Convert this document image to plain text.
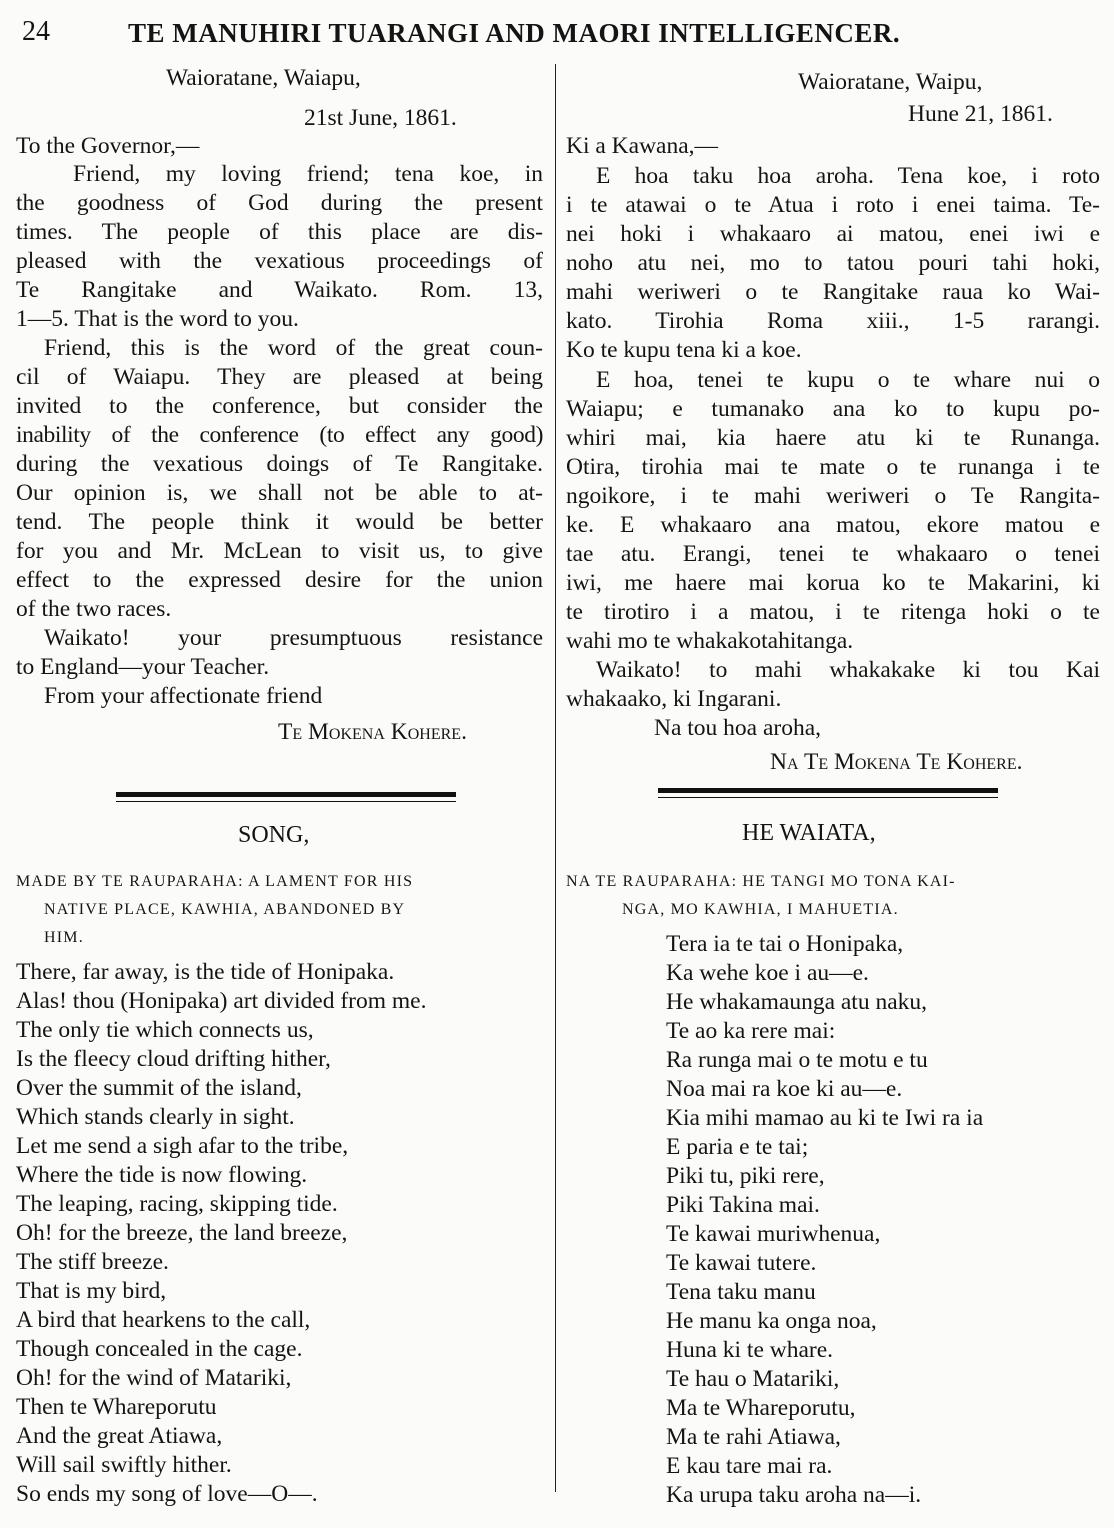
24	TE MANUHIRI TUARANGI AND MAORI INTELLIGENCER.
Waioratane, Waiapu,
21st June, 1861.
To the Governor,—
Friend, my loving friend; tena koe, in
the goodness of God during the present
times. The people of this place are dis-
pleased with the vexatious proceedings of
Te Rangitake and Waikato. Rom. 13,
1—5. That is the word to you.
Friend, this is the word of the great coun-
cil of Waiapu. They are pleased at being
invited to the conference, but consider the
inability of the conference (to effect any good)
during the vexatious doings of Te Rangitake.
Our opinion is, we shall not be able to at-
tend. The people think it would be better
for you and Mr. McLean to visit us, to give
effect to the expressed desire for the union
of the two races.
Waikato! your presumptuous resistance
to England—your Teacher.
From your affectionate friend
Te Mokena Kohere.
SONG,
MADE BY TE RAUPARAHA: A LAMENT FOR HIS
NATIVE PLACE, KAWHIA, ABANDONED BY
HIM.
There, far away, is the tide of Honipaka.
Alas! thou (Honipaka) art divided from me.
The only tie which connects us,
Is the fleecy cloud drifting hither,
Over the summit of the island,
Which stands clearly in sight.
Let me send a sigh afar to the tribe,
Where the tide is now flowing.
The leaping, racing, skipping tide.
Oh! for the breeze, the land breeze,
The stiff breeze.
That is my bird,
A bird that hearkens to the call,
Though concealed in the cage.
Oh! for the wind of Matariki,
Then te Whareporutu
And the great Atiawa,
Will sail swiftly hither.
So ends my song of love—O—.
Waioratane, Waipu,
Hune 21, 1861.
Ki a Kawana,—
E hoa taku hoa aroha. Tena koe, i roto
i te atawai o te Atua i roto i enei taima. Te-
nei hoki i whakaaro ai matou, enei iwi e
noho atu nei, mo to tatou pouri tahi hoki,
mahi weriweri o te Rangitake raua ko Wai-
kato. Tirohia Roma xiii., 1-5 rarangi.
Ko te kupu tena ki a koe.
E hoa, tenei te kupu o te whare nui o
Waiapu; e tumanako ana ko to kupu po-
whiri mai, kia haere atu ki te Runanga.
Otira, tirohia mai te mate o te runanga i te
ngoikore, i te mahi weriweri o Te Rangita-
ke. E whakaaro ana matou, ekore matou e
tae atu. Erangi, tenei te whakaaro o tenei
iwi, me haere mai korua ko te Makarini, ki
te tirotiro i a matou, i te ritenga hoki o te
wahi mo te whakakotahitanga.
Waikato! to mahi whakakake ki tou Kai
whakaako, ki Ingarani.
Na tou hoa aroha,
Na Te Mokena Te Kohere.
HE WAIATA,
NA TE RAUPARAHA: HE TANGI MO TONA KAI-
NGA, MO KAWHIA, I MAHUETIA.
Tera ia te tai o Honipaka,
Ka wehe koe i au—e.
He whakamaunga atu naku,
Te ao ka rere mai:
Ra runga mai o te motu e tu
Noa mai ra koe ki au—e.
Kia mihi mamao au ki te Iwi ra ia
E paria e te tai;
Piki tu, piki rere,
Piki Takina mai.
Te kawai muriwhenua,
Te kawai tutere.
Tena taku manu
He manu ka onga noa,
Huna ki te whare.
Te hau o Matariki,
Ma te Whareporutu,
Ma te rahi Atiawa,
E kau tare mai ra.
Ka urupa taku aroha na—i.
